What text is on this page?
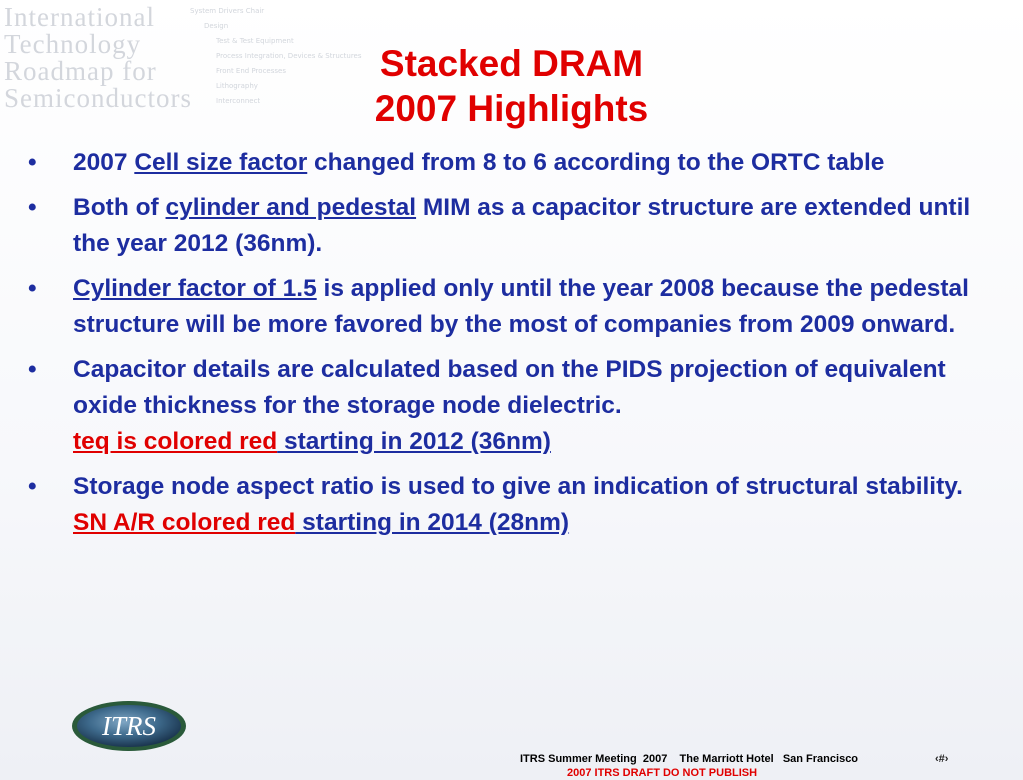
International
Technology
Roadmap for
Semiconductors
System Drivers Chair
Design
Test & Test Equipment
Process Integration, Devices & Structures
Front End Processes
Lithography
Interconnect
Stacked DRAM
2007 Highlights
• 2007 Cell size factor changed from 8 to 6 according to the ORTC table
• Both of cylinder and pedestal MIM as a capacitor structure are extended until the year 2012 (36nm).
• Cylinder factor of 1.5 is applied only until the year 2008 because the pedestal structure will be more favored by the most of companies from 2009 onward.
• Capacitor details are calculated based on the PIDS projection of equivalent oxide thickness for the storage node dielectric.
teq is colored red starting in 2012 (36nm)
• Storage node aspect ratio is used to give an indication of structural stability. SN A/R colored red starting in 2014 (28nm)
ITRS
ITRS Summer Meeting  2007    The Marriott Hotel   San Francisco	‹#›
2007 ITRS DRAFT DO NOT PUBLISH
